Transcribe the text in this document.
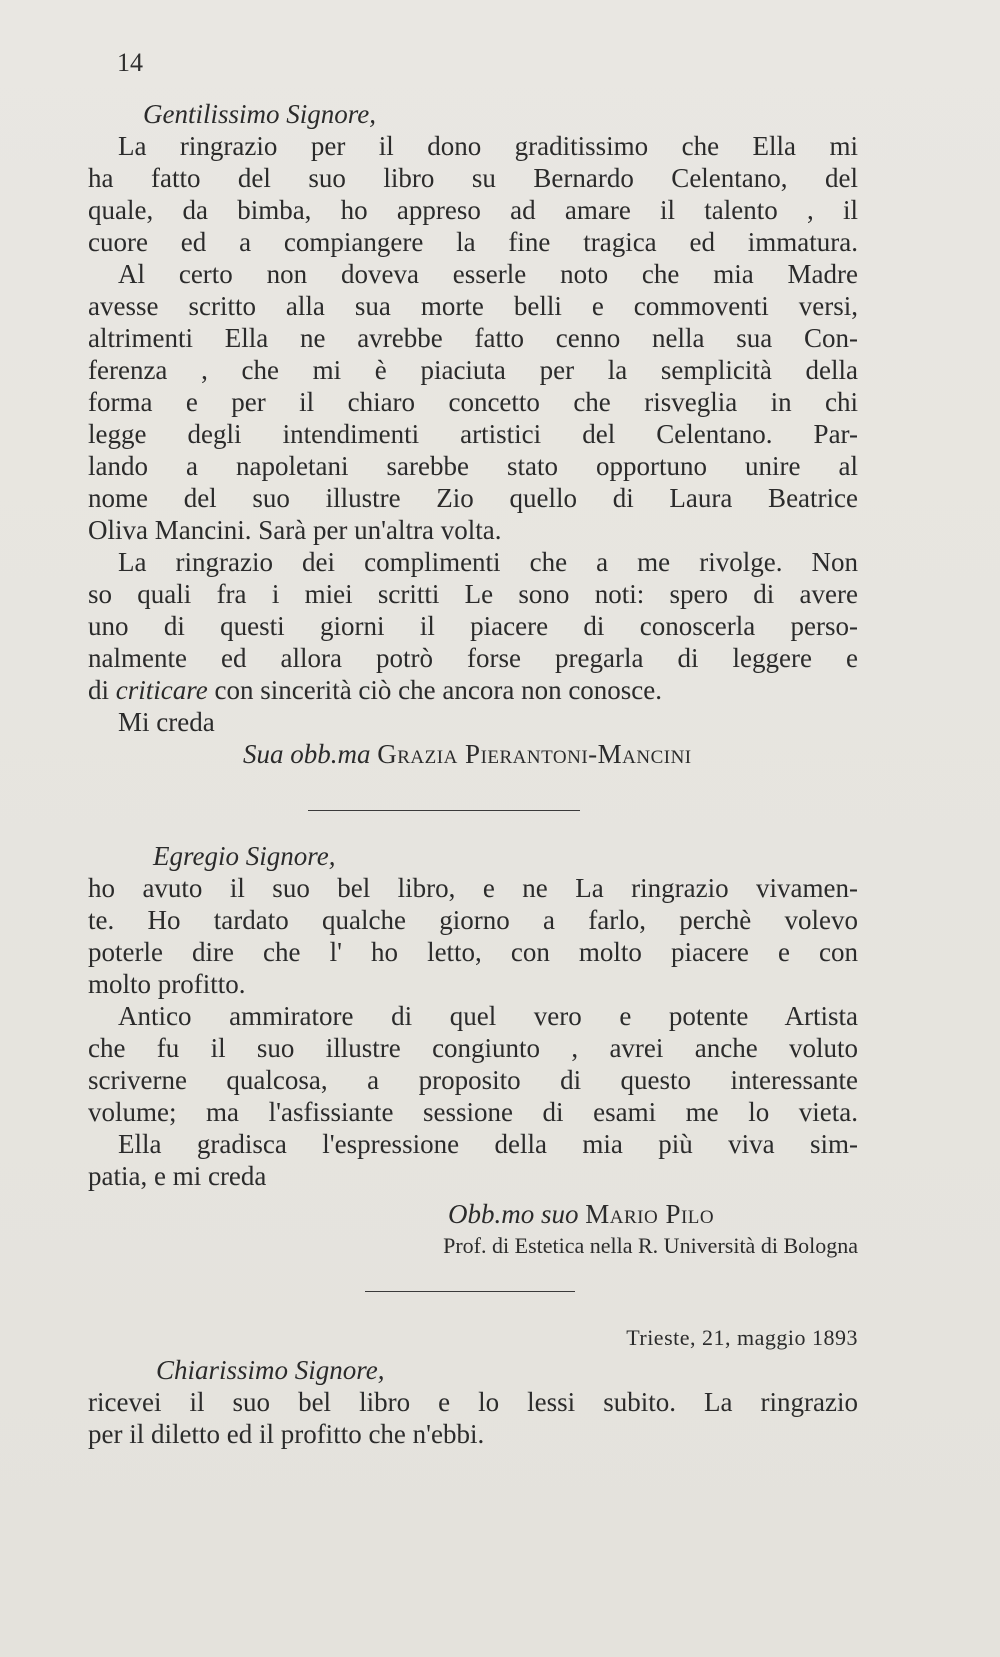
14
Gentilissimo Signore,
La ringrazio per il dono graditissimo che Ella mi
ha fatto del suo libro su Bernardo Celentano, del
quale, da bimba, ho appreso ad amare il talento , il
cuore ed a compiangere la fine tragica ed immatura.
Al certo non doveva esserle noto che mia Madre
avesse scritto alla sua morte belli e commoventi versi,
altrimenti Ella ne avrebbe fatto cenno nella sua Con-
ferenza , che mi è piaciuta per la semplicità della
forma e per il chiaro concetto che risveglia in chi
legge degli intendimenti artistici del Celentano. Par-
lando a napoletani sarebbe stato opportuno unire al
nome del suo illustre Zio quello di Laura Beatrice
Oliva Mancini. Sarà per un'altra volta.
La ringrazio dei complimenti che a me rivolge. Non
so quali fra i miei scritti Le sono noti: spero di avere
uno di questi giorni il piacere di conoscerla perso-
nalmente ed allora potrò forse pregarla di leggere e
di criticare con sincerità ciò che ancora non conosce.
Mi creda
Sua obb.ma Grazia Pierantoni-Mancini
Egregio Signore,
ho avuto il suo bel libro, e ne La ringrazio vivamen-
te. Ho tardato qualche giorno a farlo, perchè volevo
poterle dire che l' ho letto, con molto piacere e con
molto profitto.
Antico ammiratore di quel vero e potente Artista
che fu il suo illustre congiunto , avrei anche voluto
scriverne qualcosa, a proposito di questo interessante
volume; ma l'asfissiante sessione di esami me lo vieta.
Ella gradisca l'espressione della mia più viva sim-
patia, e mi creda
Obb.mo suo Mario Pilo
Prof. di Estetica nella R. Università di Bologna
Trieste, 21, maggio 1893
Chiarissimo Signore,
ricevei il suo bel libro e lo lessi subito. La ringrazio
per il diletto ed il profitto che n'ebbi.
